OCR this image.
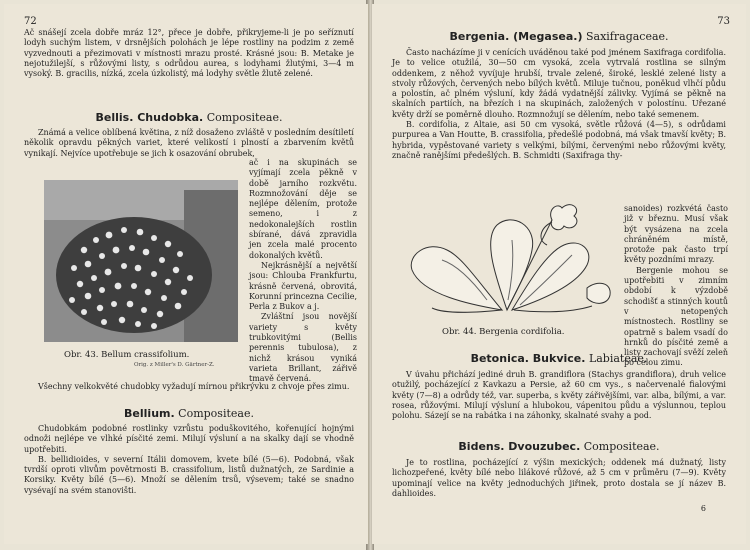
72

Ač snášejí zcela dobře mráz 12°, přece je dobře, přikryjeme-li je po seříznutí lodyh suchým listem, v drsnějších polohách je lépe rostliny na podzim z země vyzvednouti a přezimovati v místnosti mrazu prosté. Krásné jsou: B. Metake je nejotužilejší, s růžovými listy, s odrůdou aurea, s lodyhami žlutými, 3—4 m vysoký. B. gracilis, nízká, zcela úzkolistý, má lodyhy světle žlutě zelené.

Bellis. Chudobka. Compositeae.

Známá a velice oblíbená květina, z níž dosaženo zvláště v posledním desítiletí několik opravdu pěkných variet, které velikostí i plností a zbarvením květů vynikají. Nejvíce upotřebuje se jich k osazování obrubek,

ač i na skupinách se vyjímají zcela pěkně v době jarního rozkvětu. Rozmnožování děje se nejlépe dělením, protože semeno, i z nedokonalejších rostlin sbírané, dává zpravidla jen zcela malé procento dokonalých květů.

Nejkrásnější a největší jsou: Chloubа Frankfurtu, krásně červená, obrovitá, Korunní princezna Cecilie, Perla z Bukov a j.

Zvláštní jsou novější variety s květy trubkovitými (Bellis perennis tubulosa), z nichž krásou vyniká varieta Brillant, zářivě tmavě červená.

Obr. 43. Bellum crassifolium.
Orig. z Miller's D. Gärtner-Z.

Všechny velkokvěté chudobky vyžadují mírnou přikrývku z chvoje přes zimu.

Bellium. Compositeae.

Chudobkám podobné rostlinky vzrůstu poduškovitého, kořenující hojnými odnoži nejlépe ve vlhké písčité zemi. Milují výsluní a na skalky dají se vhodně upotřebiti.

B. bellidioides, v severní Itálii domovem, kvete bílé (5—6). Podobná, však tvrdší oproti vlivům povětrnosti B. crassifolium, listů dužnatých, ze Sardinie a Korsiky. Květy bílé (5—6). Množí se dělením trsů, výsevem; také se snadno vysévají na svém stanovišti.

73
Bergenia. (Megasea.) Saxifragaceae.

Často nacházíme ji v cenících uváděnou také pod jménem Saxifraga cordifolia. Je to velice otužilá, 30—50 cm vysoká, zcela vytrvalá rostlina se silným oddenkem, z něhož vyvíjuje hrubší, trvale zelené, široké, lesklé zelené listy a stvoly růžových, červených nebo bílých květů. Miluje tučnou, poněkud vlhčí půdu a polostín, ač plném výsluní, kdy žádá vydatnější zálivky. Vyjímá se pěkně na skalních partiích, na březích i na skupinách, založených v polostínu. Uřezané květy drží se poměrně dlouho. Rozmnožují se dělením, nebo také semenem.

B. cordifolia, z Altaie, asi 50 cm vysoká, světle růžová (4—5), s odrůdami purpurea a Van Houtte, B. crassifolia, předešlé podobná, má však tmavší květy; B. hybrida, vypěstované variety s velkými, bílými, červenými nebo růžovými květy, značně ranějšími předešlých. B. Schmidti (Saxifraga thy-

sanoides) rozkvétá často již v březnu. Musí však být vysázena na zcela chráněném místě, protože pak často trpí květy pozdními mrazy.

Bergenie mohou se upotřebiti v zimním období k výzdobě schodišť a stinných koutů v netopených místnostech. Rostliny se opatrně s balem vsadí do hrnků do písčité země a listy zachovají svěží zeleň po celou zimu.

Obr. 44. Bergenia cordifolia.
Betonica. Bukvice. Labiateae.

V úvahu přichází jediné druh B. grandiflora (Stachys grandiflora), druh velice otužilý, pocházející z Kavkazu a Persie, až 60 cm vys., s načervenalé fialovými květy (7—8) a odrůdy též, var. superba, s květy zářivějšími, var. alba, bílými, a var. rosea, růžovými. Milují výsluní a hlubokou, vápenitou půdu a výslunnou, teplou polohu. Sázejí se na rabátka i na záhonky, skalnaté svahy a pod.

Bidens. Dvouzubec. Compositeae.

Je to rostlina, pocházející z výšin mexických; oddenek má dužnatý, listy lichozpeřené, květy bílé nebo lilákové růžové, až 5 cm v průměru (7—9). Květy upominají velice na květy jednoduchých jiřinek, proto dostala se jí název B. dahlioides.

6
